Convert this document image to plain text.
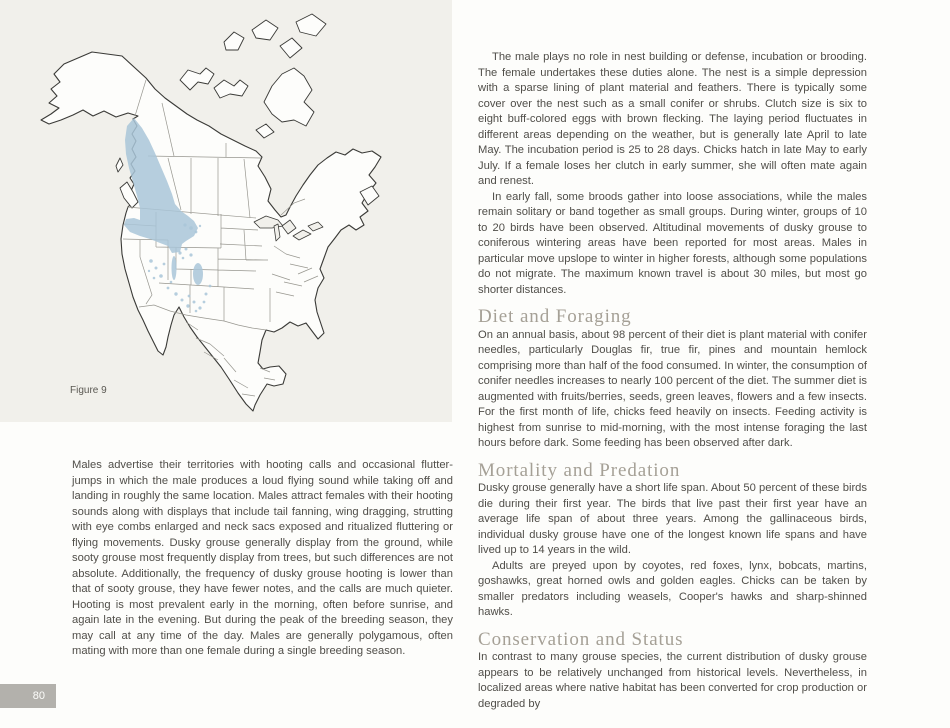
Figure 9

Males advertise their territories with hooting calls and occasional flutter-jumps in which the male produces a loud flying sound while taking off and landing in roughly the same location. Males attract females with their hooting sounds along with displays that include tail fanning, wing dragging, strutting with eye combs enlarged and neck sacs exposed and ritualized fluttering or flying movements. Dusky grouse generally display from the ground, while sooty grouse most frequently display from trees, but such differences are not absolute. Additionally, the frequency of dusky grouse hooting is lower than that of sooty grouse, they have fewer notes, and the calls are much quieter. Hooting is most prevalent early in the morning, often before sunrise, and again late in the evening. But during the peak of the breeding season, they may call at any time of the day. Males are generally polygamous, often mating with more than one female during a single breeding season.

The male plays no role in nest building or defense, incubation or brooding. The female undertakes these duties alone. The nest is a simple depression with a sparse lining of plant material and feathers. There is typically some cover over the nest such as a small conifer or shrubs. Clutch size is six to eight buff-colored eggs with brown flecking. The laying period fluctuates in different areas depending on the weather, but is generally late April to late May. The incubation period is 25 to 28 days. Chicks hatch in late May to early July. If a female loses her clutch in early summer, she will often mate again and renest.

In early fall, some broods gather into loose associations, while the males remain solitary or band together as small groups. During winter, groups of 10 to 20 birds have been observed. Altitudinal movements of dusky grouse to coniferous wintering areas have been reported for most areas. Males in particular move upslope to winter in higher forests, although some populations do not migrate. The maximum known travel is about 30 miles, but most go shorter distances.

Diet and Foraging

On an annual basis, about 98 percent of their diet is plant material with conifer needles, particularly Douglas fir, true fir, pines and mountain hemlock comprising more than half of the food consumed. In winter, the consumption of conifer needles increases to nearly 100 percent of the diet. The summer diet is augmented with fruits/berries, seeds, green leaves, flowers and a few insects. For the first month of life, chicks feed heavily on insects. Feeding activity is highest from sunrise to mid-morning, with the most intense foraging the last hours before dark. Some feeding has been observed after dark.

Mortality and Predation

Dusky grouse generally have a short life span. About 50 percent of these birds die during their first year. The birds that live past their first year have an average life span of about three years. Among the gallinaceous birds, individual dusky grouse have one of the longest known life spans and have lived up to 14 years in the wild.

Adults are preyed upon by coyotes, red foxes, lynx, bobcats, martins, goshawks, great horned owls and golden eagles. Chicks can be taken by smaller predators including weasels, Cooper's hawks and sharp-shinned hawks.

Conservation and Status

In contrast to many grouse species, the current distribution of dusky grouse appears to be relatively unchanged from historical levels. Nevertheless, in localized areas where native habitat has been converted for crop production or degraded by

80
